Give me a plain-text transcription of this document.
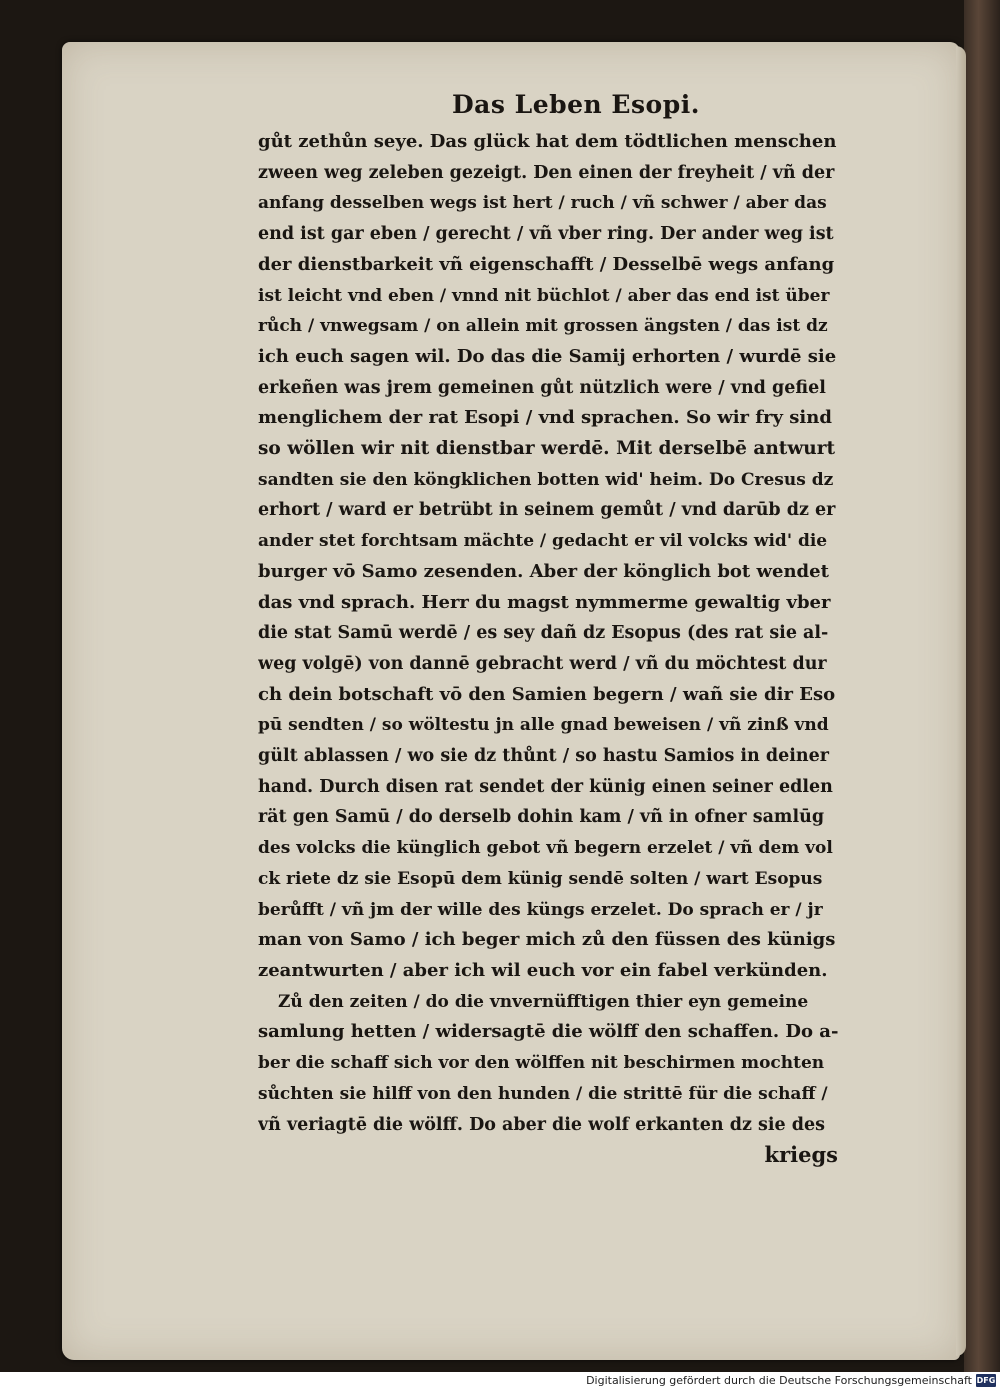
Das Leben Esopi.
gůt zethůn seye. Das glück hat dem tödtlichen menschen
zween weg zeleben gezeigt. Den einen der freyheit / vñ der
anfang desselben wegs ist hert / ruch / vñ schwer / aber das
end ist gar eben / gerecht / vñ vber ring. Der ander weg ist
der dienstbarkeit vñ eigenschafft / Desselbē wegs anfang
ist leicht vnd eben / vnnd nit büchlot / aber das end ist über
růch / vnwegsam / on allein mit grossen ängsten / das ist dz
ich euch sagen wil. Do das die Samij erhorten / wurdē sie
erkeñen was jrem gemeinen gůt nützlich were / vnd gefiel
menglichem der rat Esopi / vnd sprachen. So wir fry sind
so wöllen wir nit dienstbar werdē. Mit derselbē antwurt
sandten sie den köngklichen botten wid' heim. Do Cresus dz
erhort / ward er betrübt in seinem gemůt / vnd darūb dz er
ander stet forchtsam mächte / gedacht er vil volcks wid' die
burger vō Samo zesenden. Aber der könglich bot wendet
das vnd sprach. Herr du magst nymmerme gewaltig vber
die stat Samū werdē / es sey dañ dz Esopus (des rat sie al-
weg volgē) von dannē gebracht werd / vñ du möchtest dur
ch dein botschaft vō den Samien begern / wañ sie dir Eso
pū sendten / so wöltestu jn alle gnad beweisen / vñ zinß vnd
gült ablassen / wo sie dz thůnt / so hastu Samios in deiner
hand. Durch disen rat sendet der künig einen seiner edlen
rät gen Samū / do derselb dohin kam / vñ in ofner samlūg
des volcks die künglich gebot vñ begern erzelet / vñ dem vol
ck riete dz sie Esopū dem künig sendē solten / wart Esopus
berůfft / vñ jm der wille des küngs erzelet. Do sprach er / jr
man von Samo / ich beger mich zů den füssen des künigs
zeantwurten / aber ich wil euch vor ein fabel verkünden.
Zů den zeiten / do die vnvernüfftigen thier eyn gemeine
samlung hetten / widersagtē die wölff den schaffen. Do a-
ber die schaff sich vor den wölffen nit beschirmen mochten
sůchten sie hilff von den hunden / die strittē für die schaff /
vñ veriagtē die wölff. Do aber die wolf erkanten dz sie des
kriegs
Digitalisierung gefördert durch die Deutsche Forschungsgemeinschaft DFG
